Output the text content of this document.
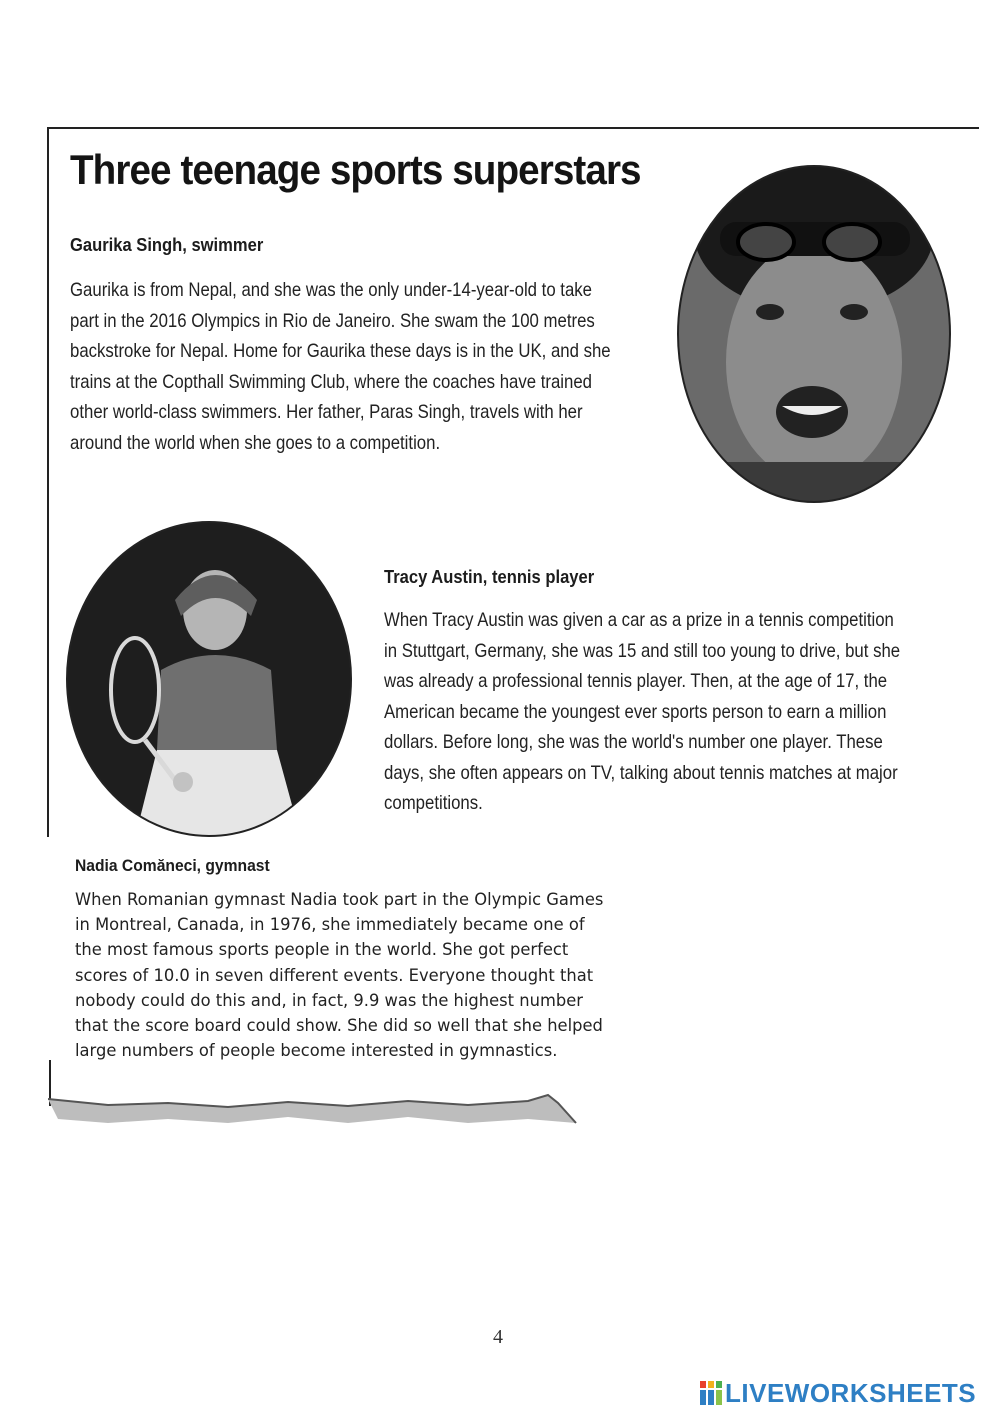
Three teenage sports superstars
Gaurika Singh, swimmer

Gaurika is from Nepal, and she was the only under-14-year-old to take
part in the 2016 Olympics in Rio de Janeiro. She swam the 100 metres
backstroke for Nepal. Home for Gaurika these days is in the UK, and she
trains at the Copthall Swimming Club, where the coaches have trained
other world-class swimmers. Her father, Paras Singh, travels with her
around the world when she goes to a competition.

Tracy Austin, tennis player

When Tracy Austin was given a car as a prize in a tennis competition
in Stuttgart, Germany, she was 15 and still too young to drive, but she
was already a professional tennis player. Then, at the age of 17, the
American became the youngest ever sports person to earn a million
dollars. Before long, she was the world's number one player. These
days, she often appears on TV, talking about tennis matches at major
competitions.

Nadia Comăneci, gymnast

When Romanian gymnast Nadia took part in the Olympic Games
in Montreal, Canada, in 1976, she immediately became one of
the most famous sports people in the world. She got perfect
scores of 10.0 in seven different events. Everyone thought that
nobody could do this and, in fact, 9.9 was the highest number
that the score board could show. She did so well that she helped
large numbers of people become interested in gymnastics.

4
LIVEWORKSHEETS
